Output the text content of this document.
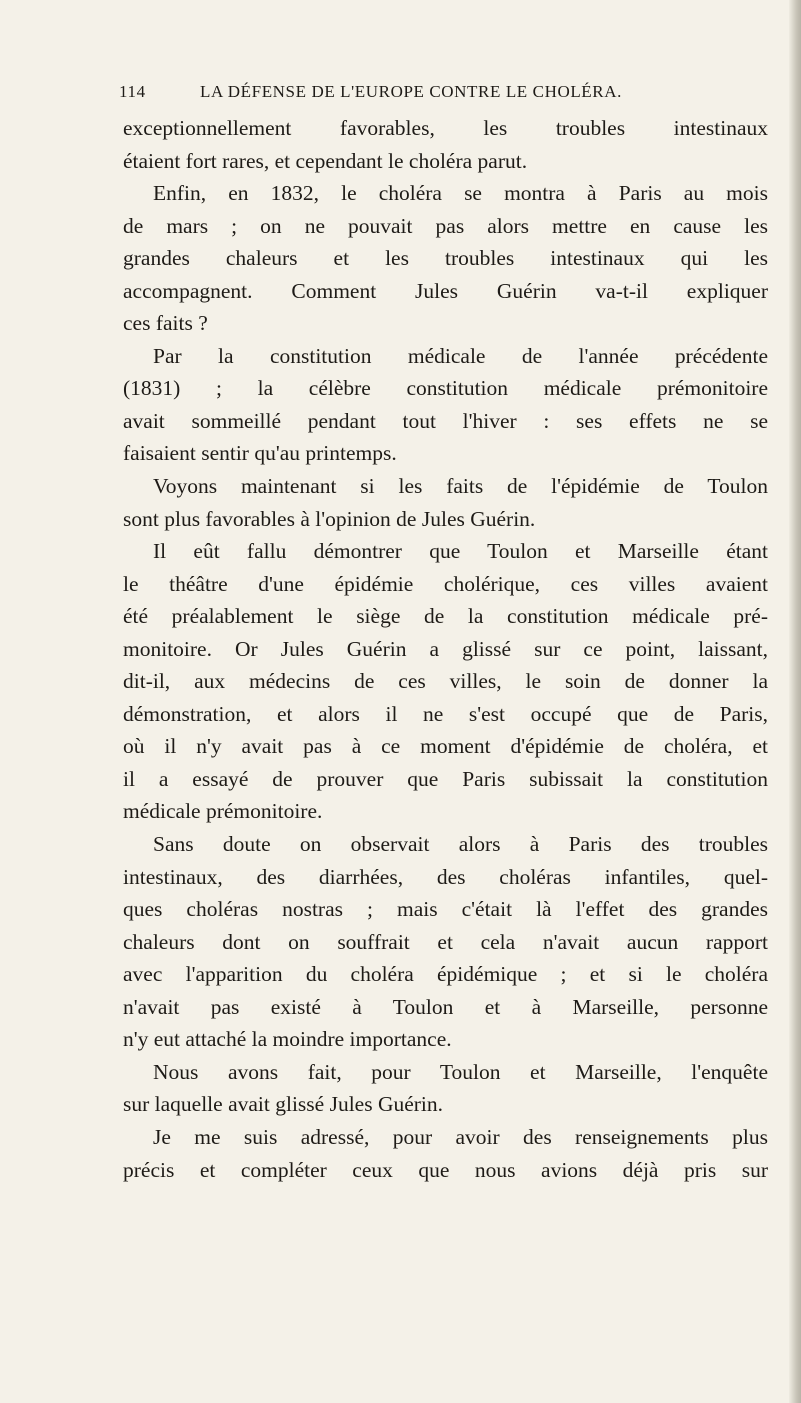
114	LA DÉFENSE DE L'EUROPE CONTRE LE CHOLÉRA.
exceptionnellement favorables, les troubles intestinaux
étaient fort rares, et cependant le choléra parut.
Enfin, en 1832, le choléra se montra à Paris au mois
de mars ; on ne pouvait pas alors mettre en cause les
grandes chaleurs et les troubles intestinaux qui les
accompagnent. Comment Jules Guérin va-t-il expliquer
ces faits ?
Par la constitution médicale de l'année précédente
(1831) ; la célèbre constitution médicale prémonitoire
avait sommeillé pendant tout l'hiver : ses effets ne se
faisaient sentir qu'au printemps.
Voyons maintenant si les faits de l'épidémie de Toulon
sont plus favorables à l'opinion de Jules Guérin.
Il eût fallu démontrer que Toulon et Marseille étant
le théâtre d'une épidémie cholérique, ces villes avaient
été préalablement le siège de la constitution médicale pré-
monitoire. Or Jules Guérin a glissé sur ce point, laissant,
dit-il, aux médecins de ces villes, le soin de donner la
démonstration, et alors il ne s'est occupé que de Paris,
où il n'y avait pas à ce moment d'épidémie de choléra, et
il a essayé de prouver que Paris subissait la constitution
médicale prémonitoire.
Sans doute on observait alors à Paris des troubles
intestinaux, des diarrhées, des choléras infantiles, quel-
ques choléras nostras ; mais c'était là l'effet des grandes
chaleurs dont on souffrait et cela n'avait aucun rapport
avec l'apparition du choléra épidémique ; et si le choléra
n'avait pas existé à Toulon et à Marseille, personne
n'y eut attaché la moindre importance.
Nous avons fait, pour Toulon et Marseille, l'enquête
sur laquelle avait glissé Jules Guérin.
Je me suis adressé, pour avoir des renseignements plus
précis et compléter ceux que nous avions déjà pris sur
